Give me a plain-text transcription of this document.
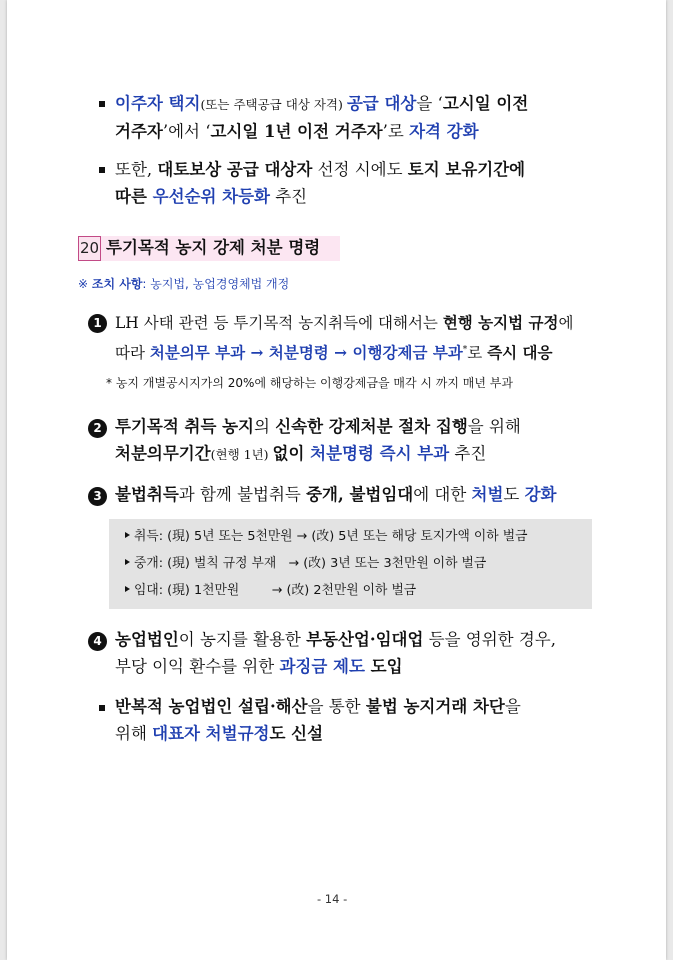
이주자 택지(또는 주택공급 대상 자격) 공급 대상을 ‘고시일 이전
거주자’에서 ‘고시일 1년 이전 거주자’로 자격 강화
또한, 대토보상 공급 대상자 선정 시에도 토지 보유기간에
따른 우선순위 차등화 추진
20 투기목적 농지 강제 처분 명령
※ 조치 사항: 농지법, 농업경영체법 개정
1 LH 사태 관련 등 투기목적 농지취득에 대해서는 현행 농지법 규정에
따라 처분의무 부과 → 처분명령 → 이행강제금 부과*로 즉시 대응
* 농지 개별공시지가의 20%에 해당하는 이행강제금을 매각 시 까지 매년 부과
2 투기목적 취득 농지의 신속한 강제처분 절차 집행을 위해
처분의무기간(현행 1년) 없이 처분명령 즉시 부과 추진
3 불법취득과 함께 불법취득 중개, 불법임대에 대한 처벌도 강화
취득: (現) 5년 또는 5천만원 → (改) 5년 또는 해당 토지가액 이하 벌금
중개: (現) 벌칙 규정 부재   → (改) 3년 또는 3천만원 이하 벌금
임대: (現) 1천만원        → (改) 2천만원 이하 벌금
4 농업법인이 농지를 활용한 부동산업·임대업 등을 영위한 경우,
부당 이익 환수를 위한 과징금 제도 도입
반복적 농업법인 설립·해산을 통한 불법 농지거래 차단을
위해 대표자 처벌규정도 신설
- 14 -
